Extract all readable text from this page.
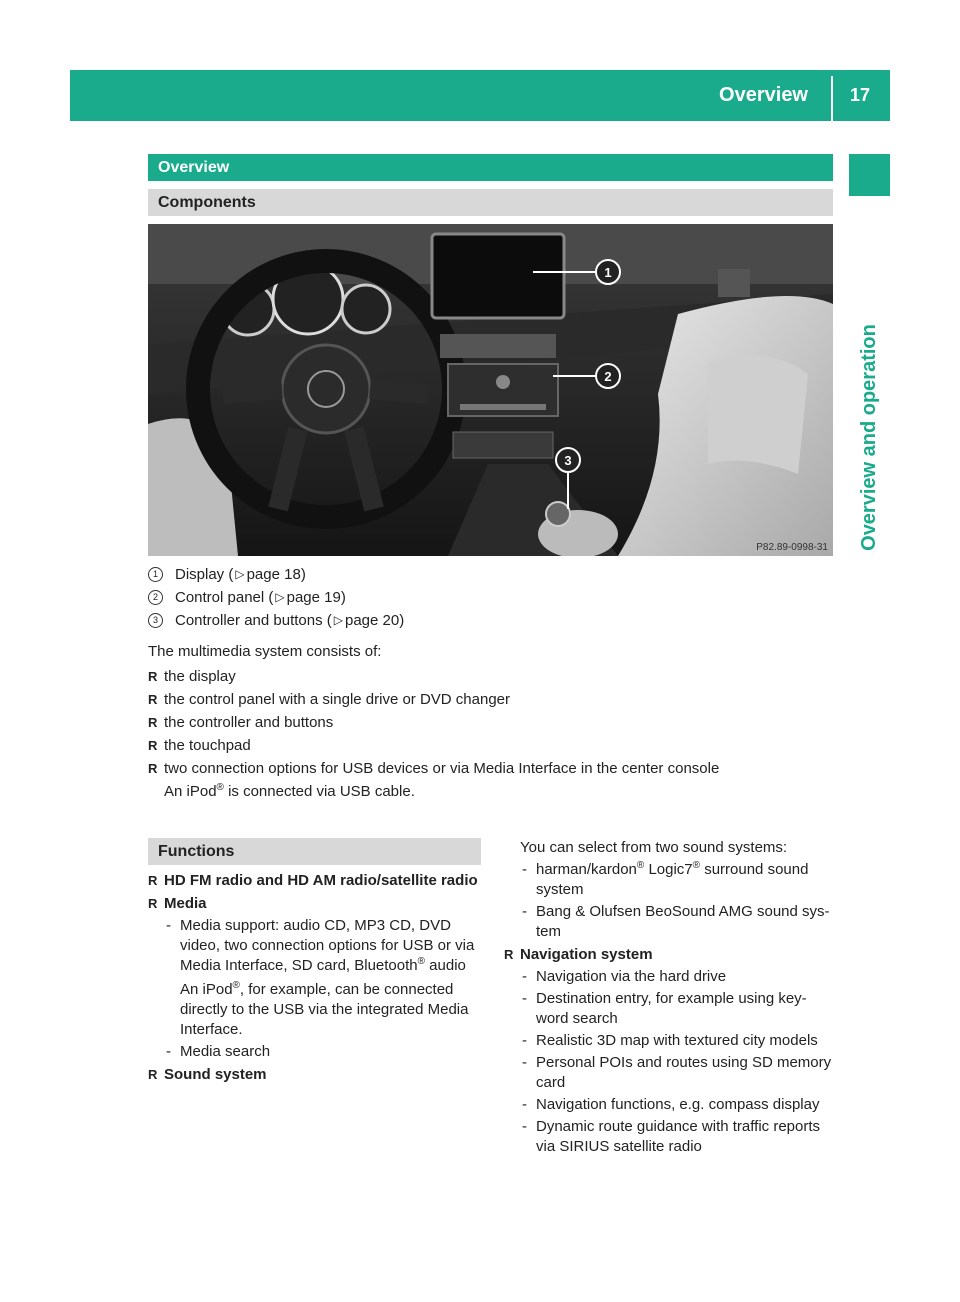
Overview	17
Overview and operation
Overview
Components
1
2
3
P82.89-0998-31
1	Display ( ▷ page 18 )
2	Control panel ( ▷ page 19 )
3	Controller and buttons ( ▷ page 20 )
The multimedia system consists of:
R the display
R the control panel with a single drive or DVD changer
R the controller and buttons
R the touchpad
R two connection options for USB devices or via Media Interface in the center console
An iPod® is connected via USB cable.
Functions
R HD FM radio and HD AM radio/satellite radio
R Media
- Media support: audio CD, MP3 CD, DVD video, two connection options for USB or via Media Interface, SD card, Bluetooth® audio
An iPod®, for example, can be connected directly to the USB via the integrated Media Interface.
- Media search
R Sound system
You can select from two sound systems:
- harman/kardon® Logic7® surround sound system
- Bang & Olufsen BeoSound AMG sound sys- tem
R Navigation system
- Navigation via the hard drive
- Destination entry, for example using key- word search
- Realistic 3D map with textured city models
- Personal POIs and routes using SD memory card
- Navigation functions, e.g. compass display
- Dynamic route guidance with traffic reports via SIRIUS satellite radio
